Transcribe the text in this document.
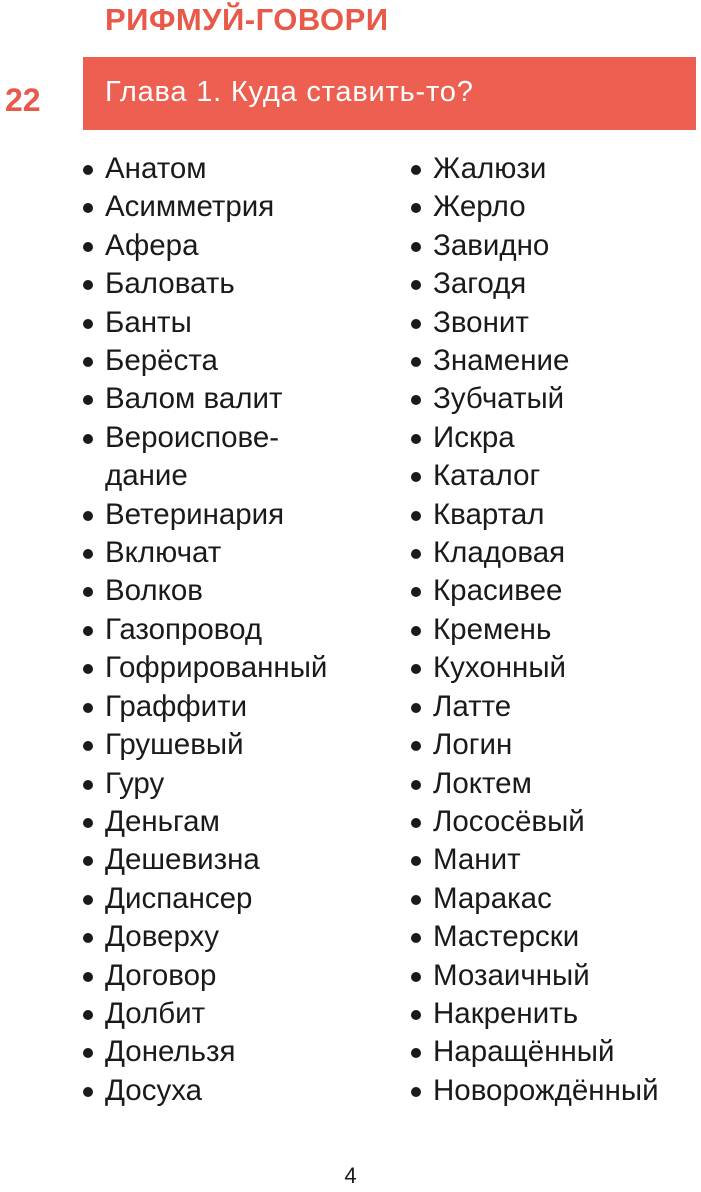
РИФМУЙ-ГОВОРИ
22 Глава 1. Куда ставить-то?
Анатом
Асимметрия
Афера
Баловать
Банты
Берёста
Валом валит
Вероиспове-
дание
Ветеринария
Включат
Волков
Газопровод
Гофрированный
Граффити
Грушевый
Гуру
Деньгам
Дешевизна
Диспансер
Доверху
Договор
Долбит
Донельзя
Досуха
Жалюзи
Жерло
Завидно
Загодя
Звонит
Знамение
Зубчатый
Искра
Каталог
Квартал
Кладовая
Красивее
Кремень
Кухонный
Латте
Логин
Локтем
Лососёвый
Манит
Маракас
Мастерски
Мозаичный
Накренить
Наращённый
Новорождённый
4
